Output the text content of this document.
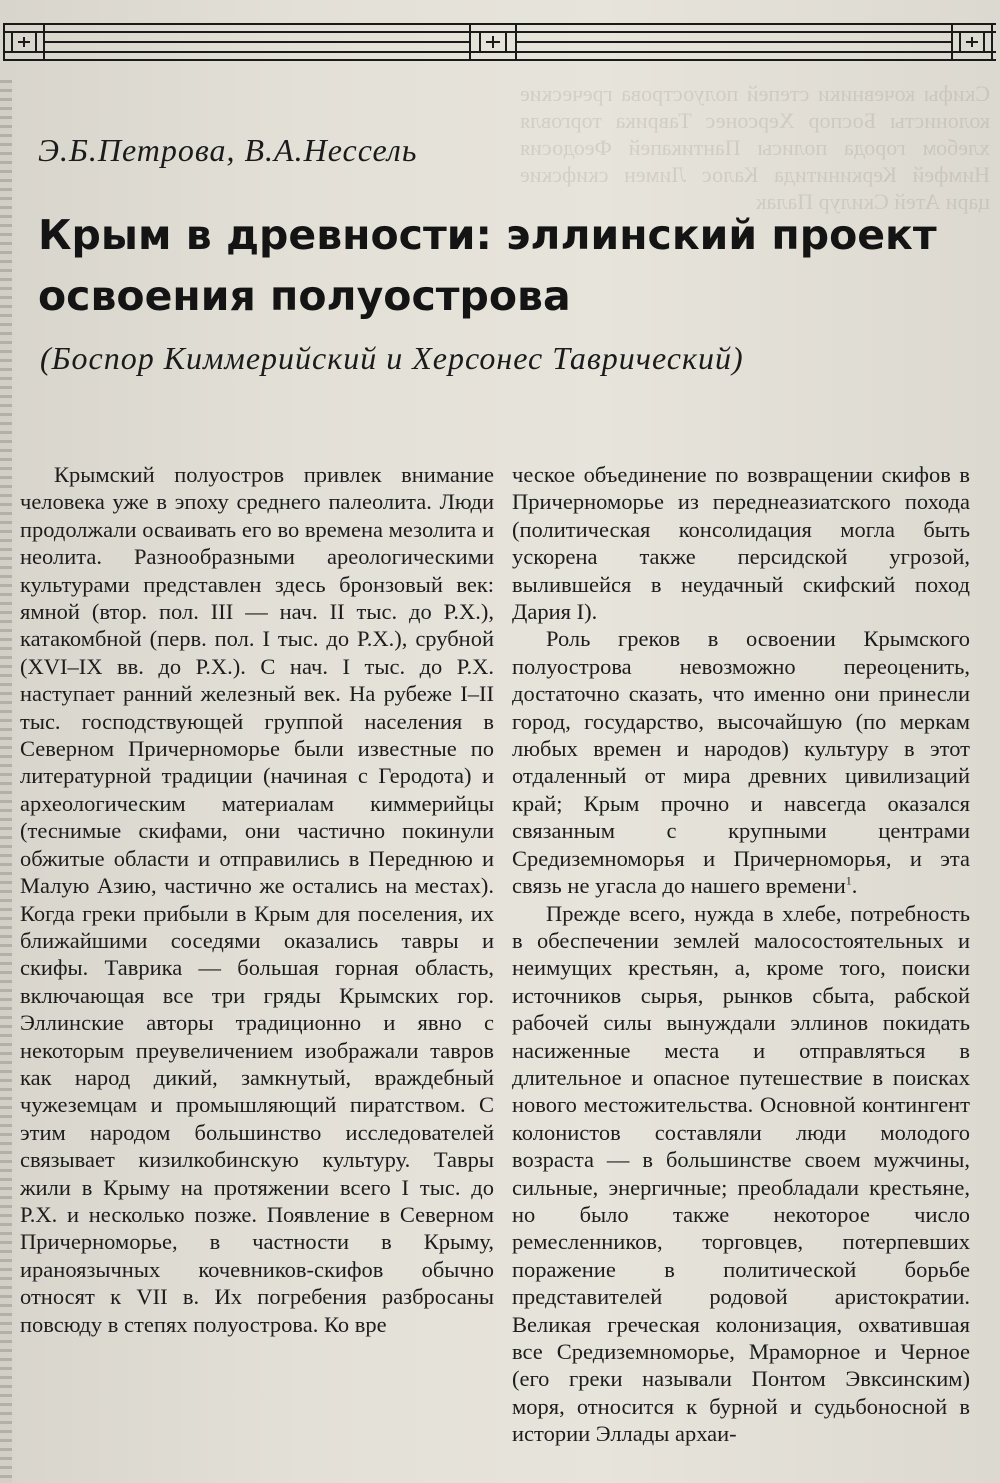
Скифы кочевники степей полуострова греческие колонисты Боспор Херсонес Таврика торговля хлебом города полисы Пантикапей Феодосия Нимфей Керкинитида Калос Лимен скифские цари Атей Скилур Палак
Э.Б.Петрова, В.А.Нессель
Крым в древности: эллинский проект
освоения полуострова
(Боспор Киммерийский и Херсонес Таврический)

Крымский полуостров привлек внимание человека уже в эпоху среднего палеолита. Люди продолжали осваивать его во времена мезолита и неолита. Разнообразными ареологическими культурами представлен здесь бронзовый век: ямной (втор. пол. III — нач. II тыс. до Р.Х.), катакомбной (перв. пол. I тыс. до Р.Х.), срубной (XVI–IX вв. до Р.Х.). С нач. I тыс. до Р.Х. наступает ранний железный век. На рубеже I–II тыс. господствующей группой населения в Северном Причерноморье были известные по литературной традиции (начиная с Геродота) и археологическим материалам киммерийцы (теснимые скифами, они частично покинули обжитые области и отправились в Переднюю и Малую Азию, частично же остались на местах). Когда греки прибыли в Крым для поселения, их ближайшими соседями оказались тавры и скифы. Таврика — большая горная область, включающая все три гряды Крымских гор. Эллинские авторы традиционно и явно с некоторым преувеличением изображали тавров как народ дикий, замкнутый, враждебный чужеземцам и промышляющий пиратством. С этим народом большинство исследователей связывает кизилкобинскую культуру. Тавры жили в Крыму на протяжении всего I тыс. до Р.Х. и несколько позже. Появление в Северном Причерноморье, в частности в Крыму, ираноязычных кочевников-скифов обычно относят к VII в. Их погребения разбросаны повсюду в степях полуострова. Ко вре

ческое объединение по возвращении скифов в Причерноморье из переднеазиатского похода (политическая консолидация могла быть ускорена также персидской угрозой, вылившейся в неудачный скифский поход Дария I).

Роль греков в освоении Крымского полуострова невозможно переоценить, достаточно сказать, что именно они принесли город, государство, высочайшую (по меркам любых времен и народов) культуру в этот отдаленный от мира древних цивилизаций край; Крым прочно и навсегда оказался связанным с крупными центрами Средиземноморья и Причерноморья, и эта связь не угасла до нашего времени$^1$.

Прежде всего, нужда в хлебе, потребность в обеспечении землей малосостоятельных и неимущих крестьян, а, кроме того, поиски источников сырья, рынков сбыта, рабской рабочей силы вынуждали эллинов покидать насиженные места и отправляться в длительное и опасное путешествие в поисках нового местожительства. Основной контингент колонистов составляли люди молодого возраста — в большинстве своем мужчины, сильные, энергичные; преобладали крестьяне, но было также некоторое число ремесленников, торговцев, потерпевших поражение в политической борьбе представителей родовой аристократии. Великая греческая колонизация, охватившая все Средиземноморье, Мраморное и Черное (его греки называли Понтом Эвксинским) моря, относится к бурной и судьбоносной в истории Эллады архаи-
